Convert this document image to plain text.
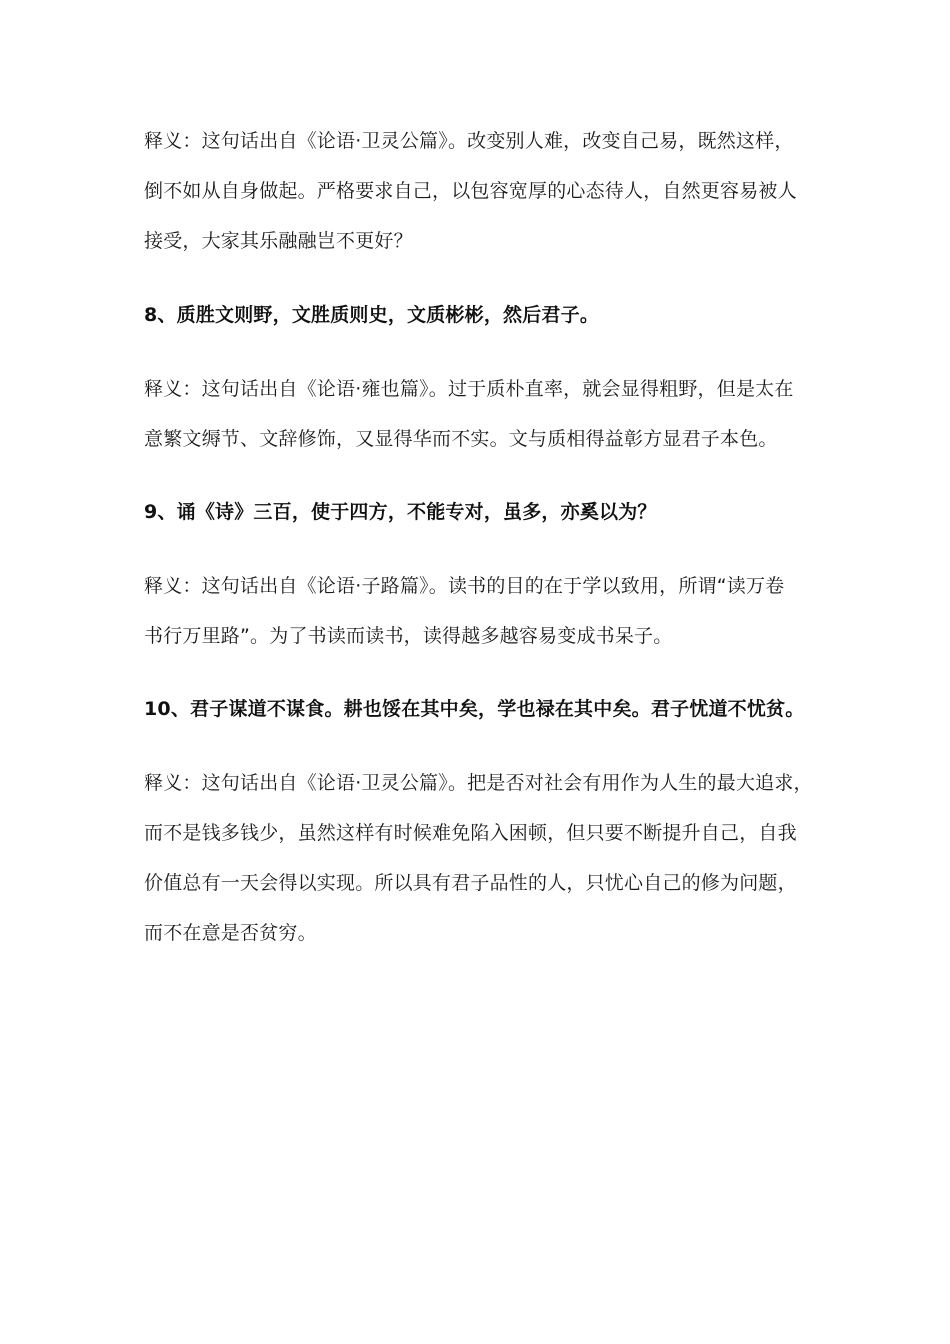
释义：这句话出自《论语·卫灵公篇》。改变别人难，改变自己易，既然这样，
倒不如从自身做起。严格要求自己，以包容宽厚的心态待人，自然更容易被人
接受，大家其乐融融岂不更好？
8、质胜文则野，文胜质则史，文质彬彬，然后君子。
释义：这句话出自《论语·雍也篇》。过于质朴直率，就会显得粗野，但是太在
意繁文缛节、文辞修饰，又显得华而不实。文与质相得益彰方显君子本色。
9、诵《诗》三百，使于四方，不能专对，虽多，亦奚以为？
释义：这句话出自《论语·子路篇》。读书的目的在于学以致用，所谓“读万卷
书行万里路”。为了书读而读书，读得越多越容易变成书呆子。
10、君子谋道不谋食。耕也馁在其中矣，学也禄在其中矣。君子忧道不忧贫。
释义：这句话出自《论语·卫灵公篇》。把是否对社会有用作为人生的最大追求，
而不是钱多钱少，虽然这样有时候难免陷入困顿，但只要不断提升自己，自我
价值总有一天会得以实现。所以具有君子品性的人，只忧心自己的修为问题，
而不在意是否贫穷。
